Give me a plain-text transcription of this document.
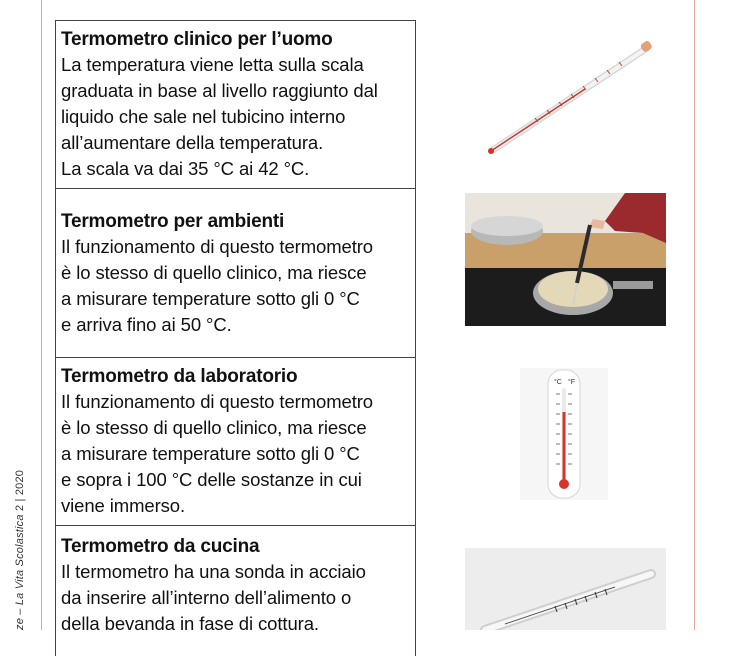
ze – La Vita Scolastica 2 | 2020
Termometro clinico per l’uomo

La temperatura viene letta sulla scala
graduata in base al livello raggiunto dal
liquido che sale nel tubicino interno
all’aumentare della temperatura.
La scala va dai 35 °C ai 42 °C.

Termometro per ambienti

Il funzionamento di questo termometro
è lo stesso di quello clinico, ma riesce
a misurare temperature sotto gli 0 °C
e arriva fino ai 50 °C.

Termometro da laboratorio

Il funzionamento di questo termometro
è lo stesso di quello clinico, ma riesce
a misurare temperature sotto gli 0 °C
e sopra i 100 °C delle sostanze in cui
viene immerso.

Termometro da cucina

Il termometro ha una sonda in acciaio
da inserire all’interno dell’alimento o
della bevanda in fase di cottura.

°C °F
